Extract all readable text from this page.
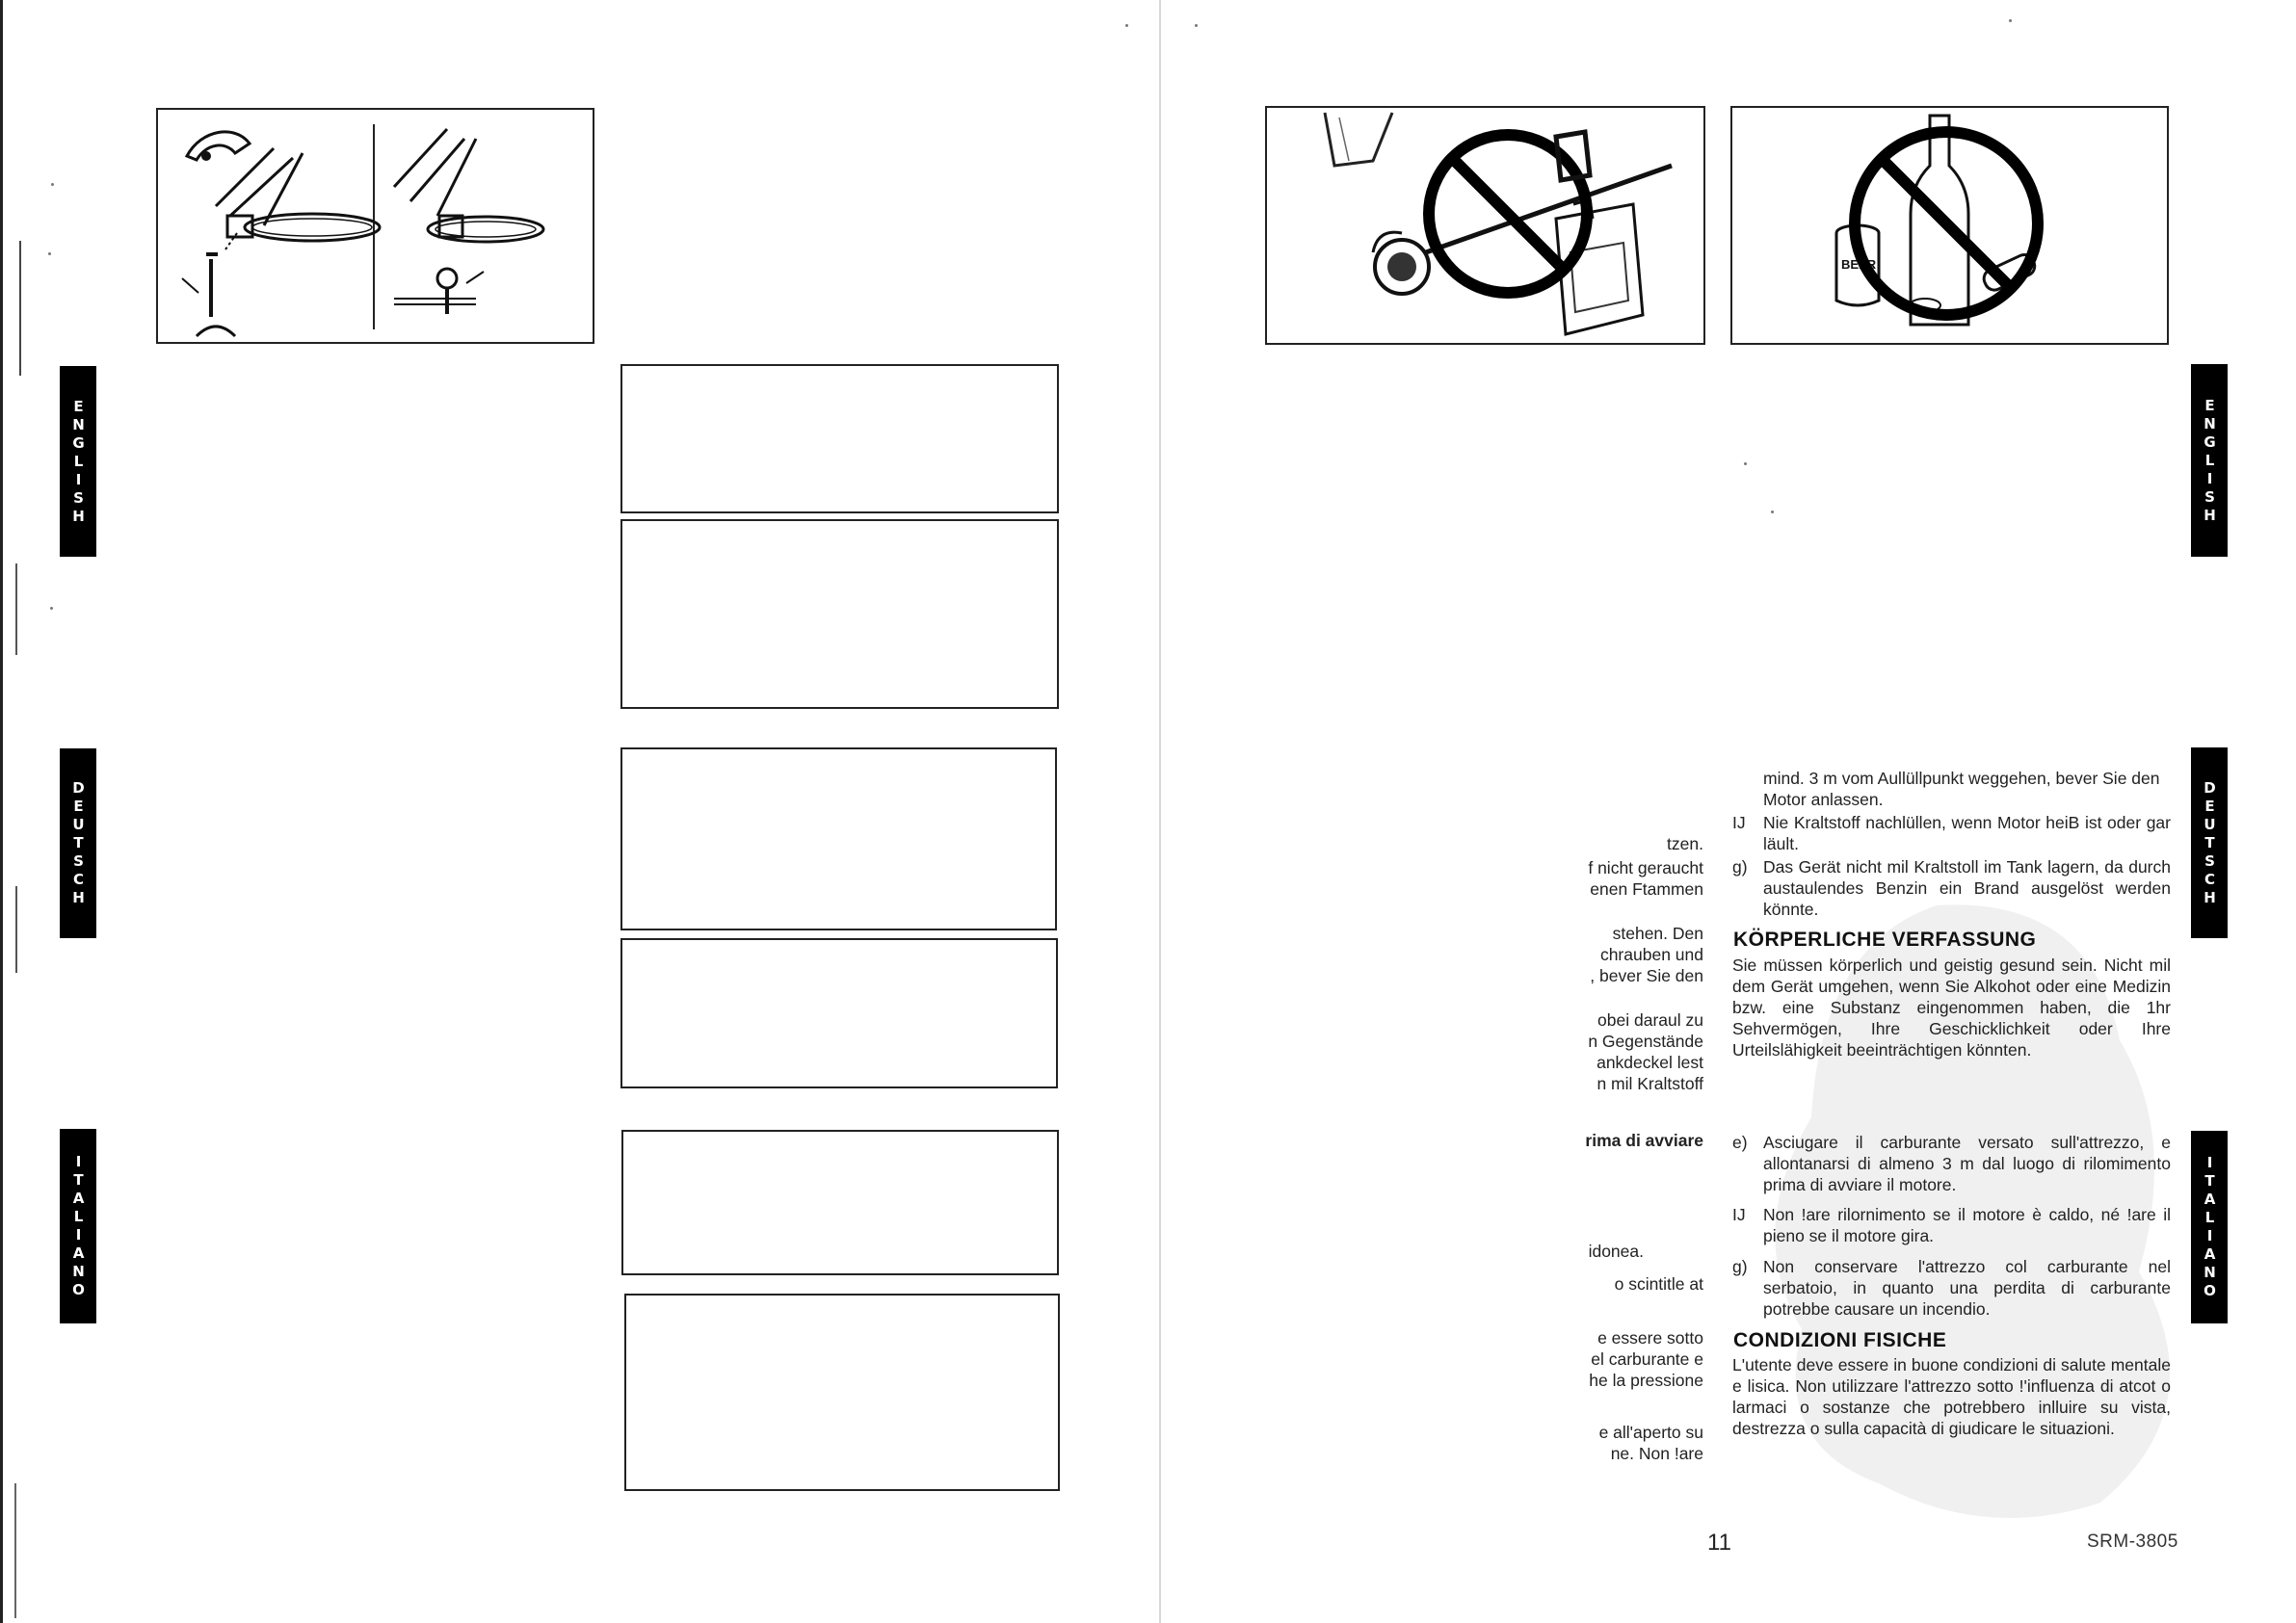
ENGLISH
DEUTSCH
ITALIANO
BEER
ENGLISH
DEUTSCH
ITALIANO
tzen.
f nicht geraucht
enen Ftammen
stehen. Den
chrauben und
, bever Sie den
obei daraul zu
n Gegenstände
ankdeckel lest
n mil Kraltstoff
mind. 3 m vom Aullüllpunkt weggehen, bever Sie den
Motor anlassen.
IJ	Nie Kraltstoff nachlüllen, wenn Motor heiB ist oder gar läult.
g) Das Gerät nicht mil Kraltstoll im Tank lagern, da durch austaulendes Benzin ein Brand ausgelöst werden könnte.
KÖRPERLICHE VERFASSUNG
Sie müssen körperlich und geistig gesund sein. Nicht mil dem Gerät umgehen, wenn Sie Alkohot oder eine Medizin bzw. eine Substanz eingenommen haben, die 1hr Sehvermögen, Ihre Geschicklichkeit oder Ihre Urteilslähigkeit beeinträchtigen könnten.
rima di avviare
idonea.
o scintitle at
e essere sotto
el carburante e
he la pressione
e all'aperto su
ne. Non !are
e) Asciugare il carburante versato sull'attrezzo, e allontanarsi di almeno 3 m dal luogo di rilomimento prima di avviare il motore.
IJ	Non !are rilornimento se il motore è caldo, né !are il pieno se il motore gira.
g) Non conservare l'attrezzo col carburante nel serbatoio, in quanto una perdita di carburante potrebbe causare un incendio.
CONDIZIONI FISICHE
L'utente deve essere in buone condizioni di salute mentale e lisica. Non utilizzare l'attrezzo sotto !'influenza di atcot o larmaci o sostanze che potrebbero inlluire su vista, destrezza o sulla capacità di giudicare le situazioni.
11	SRM-3805
